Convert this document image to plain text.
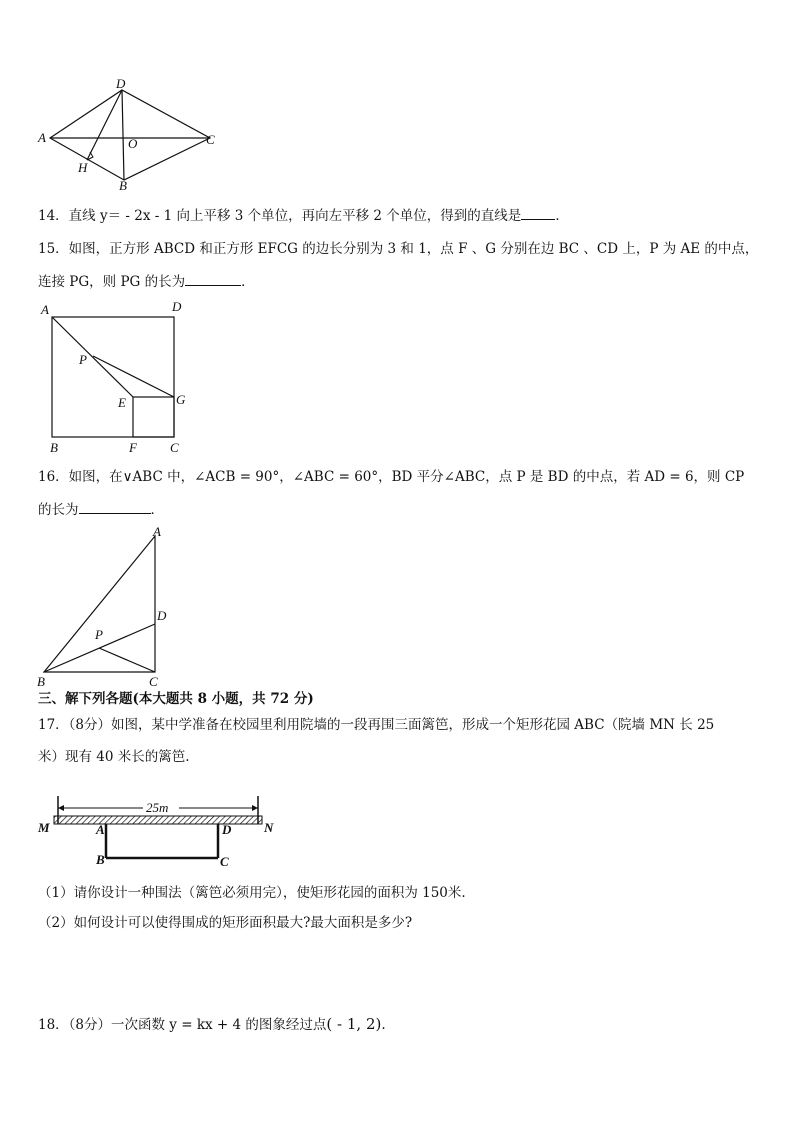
D
A	C
O
H
B
14．直线 y＝ - 2x - 1 向上平移 3 个单位，再向左平移 2 个单位，得到的直线是	．
15．如图，正方形 ABCD 和正方形 EFCG 的边长分别为 3 和 1，点 F 、G 分别在边 BC 、CD 上，P 为 AE 的中点，
连接 PG，则 PG 的长为	．
A	D
P
E	G
B	F	C
16．如图，在∨ABC 中，∠ACB = 90°，∠ABC = 60°，BD 平分∠ABC，点 P 是 BD 的中点，若 AD = 6，则 CP
的长为	．
A
D
P
B	C
三、解下列各题(本大题共 8 小题，共 72 分)
17．（8分）如图，某中学准备在校园里利用院墙的一段再围三面篱笆，形成一个矩形花园 ABC（院墙 MN 长 25
米）现有 40 米长的篱笆.
25m
M	N
A	D
B	C
（1）请你设计一种围法（篱笆必须用完），使矩形花园的面积为 150米.
（2）如何设计可以使得围成的矩形面积最大?最大面积是多少?
18．（8分）一次函数 y = kx + 4 的图象经过点( - 1, 2).
